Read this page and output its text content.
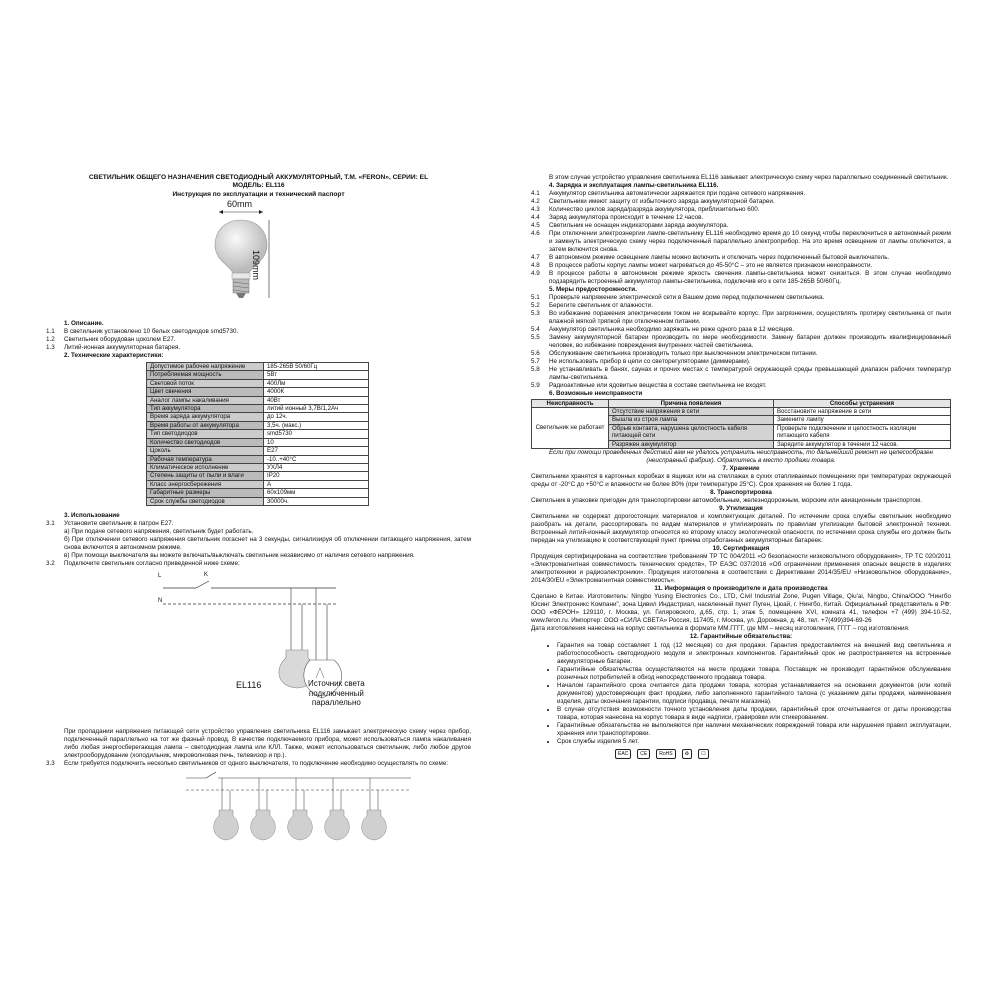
СВЕТИЛЬНИК ОБЩЕГО НАЗНАЧЕНИЯ СВЕТОДИОДНЫЙ АККУМУЛЯТОРНЫЙ, Т.М. «FERON», СЕРИИ: EL
МОДЕЛЬ: EL116
Инструкция по эксплуатации и технический паспорт
60mm
109mm
1. Описание.
1.1	В светильник установлено 10 белых светодиодов smd5730.
1.2	Светильник оборудован цоколем E27.
1.3	Литий-ионная аккумуляторная батарея.
2. Технические характеристики:
Допустимое рабочее напряжение	185-265В 50/60Гц
Потребляемая мощность	5Вт
Световой поток	400Лм
Цвет свечения	4000К
Аналог лампы накаливания	40Вт
Тип аккумулятора	литий ионный 3,7В/1,2Ач
Время заряда аккумулятора	до 12ч.
Время работы от аккумулятора	3,5ч. (макс.)
Тип светодиодов	smd5730
Количество светодиодов	10
Цоколь	E27
Рабочая температура	-10..+40°С
Климатическое исполнение	УХЛ4
Степень защиты от пыли и влаги	IP20
Класс энергосбережения	А
Габаритные размеры	60х109мм
Срок службы светодиодов	30000ч.
3. Использование
3.1	Установите светильник в патрон E27.
а) При подаче сетевого напряжения, светильник будет работать.
б) При отключении сетевого напряжения светильник погаснет на 3 секунды, сигнализируя об отключении питающего напряжения, затем снова включится в автономном режиме.
в) При помощи выключателя вы можете включать/выключать светильник независимо от наличия сетевого напряжения.
3.2	Подключите светильник согласно приведенной ниже схеме:
L
N
K
EL116	Источник света
подключенный
параллельно
При пропадании напряжения питающей сети устройство управления светильника EL116 замыкает электрическую схему через прибор, подключенный параллельно на тот же фазный провод. В качестве подключаемого прибора, может использоваться лампа накаливания либо любая энергосберегающая лампа – светодиодная лампа или КЛЛ. Также, может использоваться светильник, либо любое другое электрооборудование (холодильник, микроволновая печь, телевизор и пр.).
3.3	Если требуется подключить несколько светильников от одного выключателя, то подключение необходимо осуществлять по схеме:
В этом случае устройство управления светильника EL116 замыкает электрическую схему через параллельно соединенный светильник.
4. Зарядка и эксплуатация лампы-светильника EL116.
4.1	Аккумулятор светильника автоматически заряжается при подаче сетевого напряжения.
4.2	Светильники имеют защиту от избыточного заряда аккумуляторной батареи.
4.3	Количество циклов заряда/разряда аккумулятора, приблизительно 600.
4.4	Заряд аккумулятора происходит в течение 12 часов.
4.5	Светильник не оснащен индикаторами заряда аккумулятора.
4.6	При отключении электроэнергии лампе-светильнику EL116 необходимо время до 10 секунд чтобы переключиться в автономный режим и замкнуть электрическую схему через подключенный параллельно электроприбор. На это время освещение от лампы отключится, а затем включится снова.
4.7	В автономном режиме освещение лампы можно включить и отключать через подключенный бытовой выключатель.
4.8	В процессе работы корпус лампы может нагреваться до 45-50°С – это не является признаком неисправности.
4.9	В процессе работы в автономном режиме яркость свечения лампы-светильника может снизиться. В этом случае необходимо подзарядить встроенный аккумулятор лампы-светильника, подключив его к сети 185-265В 50/60Гц.
5. Меры предосторожности.
5.1	Проверьте напряжение электрической сети в Вашем доме перед подключением светильника.
5.2	Берегите светильник от влажности.
5.3	Во избежание поражения электрическим током не вскрывайте корпус. При загрязнении, осуществлять протирку светильника от пыли влажной мягкой тряпкой при отключенном питании.
5.4	Аккумулятор светильника необходимо заряжать не реже одного раза в 12 месяцев.
5.5	Замену аккумуляторной батареи производить по мере необходимости. Замену батареи должен производить квалифицированный человек, во избежание повреждения внутренних частей светильника.
5.6	Обслуживание светильника производить только при выключенном электрическом питании.
5.7	Не использовать прибор в цепи со светорегуляторами (диммерами).
5.8	Не устанавливать в банях, саунах и прочих местах с температурой окружающей среды превышающей диапазон рабочих температур лампы-светильника.
5.9	Радиоактивные или ядовитые вещества в составе светильника не входят.
6. Возможные неисправности
Неисправность	Причина появления	Способы устранения
Светильник не работает	Отсутствие напряжения в сети	Восстановите напряжение в сети
	Вышла из строя лампа	Замените лампу
	Обрыв контакта, нарушена целостность кабеля питающей сети	Проверьте подключение и целостность изоляции питающего кабеля
	Разряжен аккумулятор	Зарядите аккумулятор в течении 12 часов.
Если при помощи проведенных действий вам не удалось устранить неисправность, то дальнейший ремонт не целесообразен (неисправный фабрик). Обратитесь в место продажи товара.
7. Хранение
Светильники хранятся в картонных коробках в ящиках или на стеллажах в сухих отапливаемых помещениях при температурах окружающей среды от -20°С до +50°С и влажности не более 80% (при температуре 25°С). Срок хранения не более 1 года.
8. Транспортировка
Светильник в упаковке пригоден для транспортировки автомобильным, железнодорожным, морским или авиационным транспортом.
9. Утилизация
Светильники не содержат дорогостоящих материалов и комплектующих деталей. По истечении срока службы светильник необходимо разобрать на детали, рассортировать по видам материалов и утилизировать по правилам утилизации бытовой электронной техники. Встроенный литий-ионный аккумулятор относится ко второму классу экологической опасности, по истечении срока службы его должен быть передан на утилизацию в соответствующий пункт приема отработанных аккумуляторных батареек.
10. Сертификация
Продукция сертифицирована на соответствие требованиям ТР ТС 004/2011 «О безопасности низковольтного оборудования», ТР ТС 020/2011 «Электромагнитная совместимость технических средств», ТР ЕАЭС 037/2016 «Об ограничении применения опасных веществ в изделиях электротехники и радиоэлектроники». Продукция изготовлена в соответствии с Директивами 2014/35/EU «Низковольтное оборудование», 2014/30/EU «Электромагнитная совместимость».
11. Информация о производителе и дата производства
Сделано в Китае. Изготовитель: Ningbo Yusing Electronics Co., LTD, Civil Industrial Zone, Pugen Village, Qiu'ai, Ningbo, China/ООО "Нингбо Юсинг Электроникс Компани", зона Цивил Индастриал, населенный пункт Пуген, Цюай, г. Нингбо, Китай. Официальный представитель в РФ: ООО «ФЕРОН» 129110, г. Москва, ул. Гиляровского, д.65, стр. 1, этаж 5, помещение XVI, комната 41, телефон +7 (499) 394-10-52, www.feron.ru. Импортер: ООО «СИЛА СВЕТА» Россия, 117405, г. Москва, ул. Дорожная, д. 48, тел. +7(499)394-69-26
Дата изготовления нанесена на корпус светильника в формате ММ.ГГГГ, где ММ – месяц изготовления, ГГГГ – год изготовления.
12. Гарантийные обязательства:
• Гарантия на товар составляет 1 год (12 месяцев) со дня продажи. Гарантия предоставляется на внешний вид светильника и работоспособность светодиодного модуля и электронных компонентов. Гарантийный срок не распространяется на встроенные аккумуляторные батареи.
• Гарантийные обязательства осуществляются на месте продажи товара. Поставщик не производит гарантийное обслуживание розничных потребителей в обход непосредственного продавца товара.
• Началом гарантийного срока считается дата продажи товара, которая устанавливается на основании документов (или копий документов) удостоверяющих факт продажи, либо заполненного гарантийного талона (с указанием даты продажи, наименования изделия, даты окончания гарантии, подписи продавца, печати магазина).
• В случае отсутствия возможности точного установления даты продажи, гарантийный срок отсчитывается от даты производства товара, которая нанесена на корпус товара в виде надписи, гравировки или стикерованием.
• Гарантийные обязательства не выполняются при наличии механических повреждений товара или нарушения правил эксплуатации, хранения или транспортировки.
• Срок службы изделия 5 лет.
EAC	CE	RoHS	♻	☐
